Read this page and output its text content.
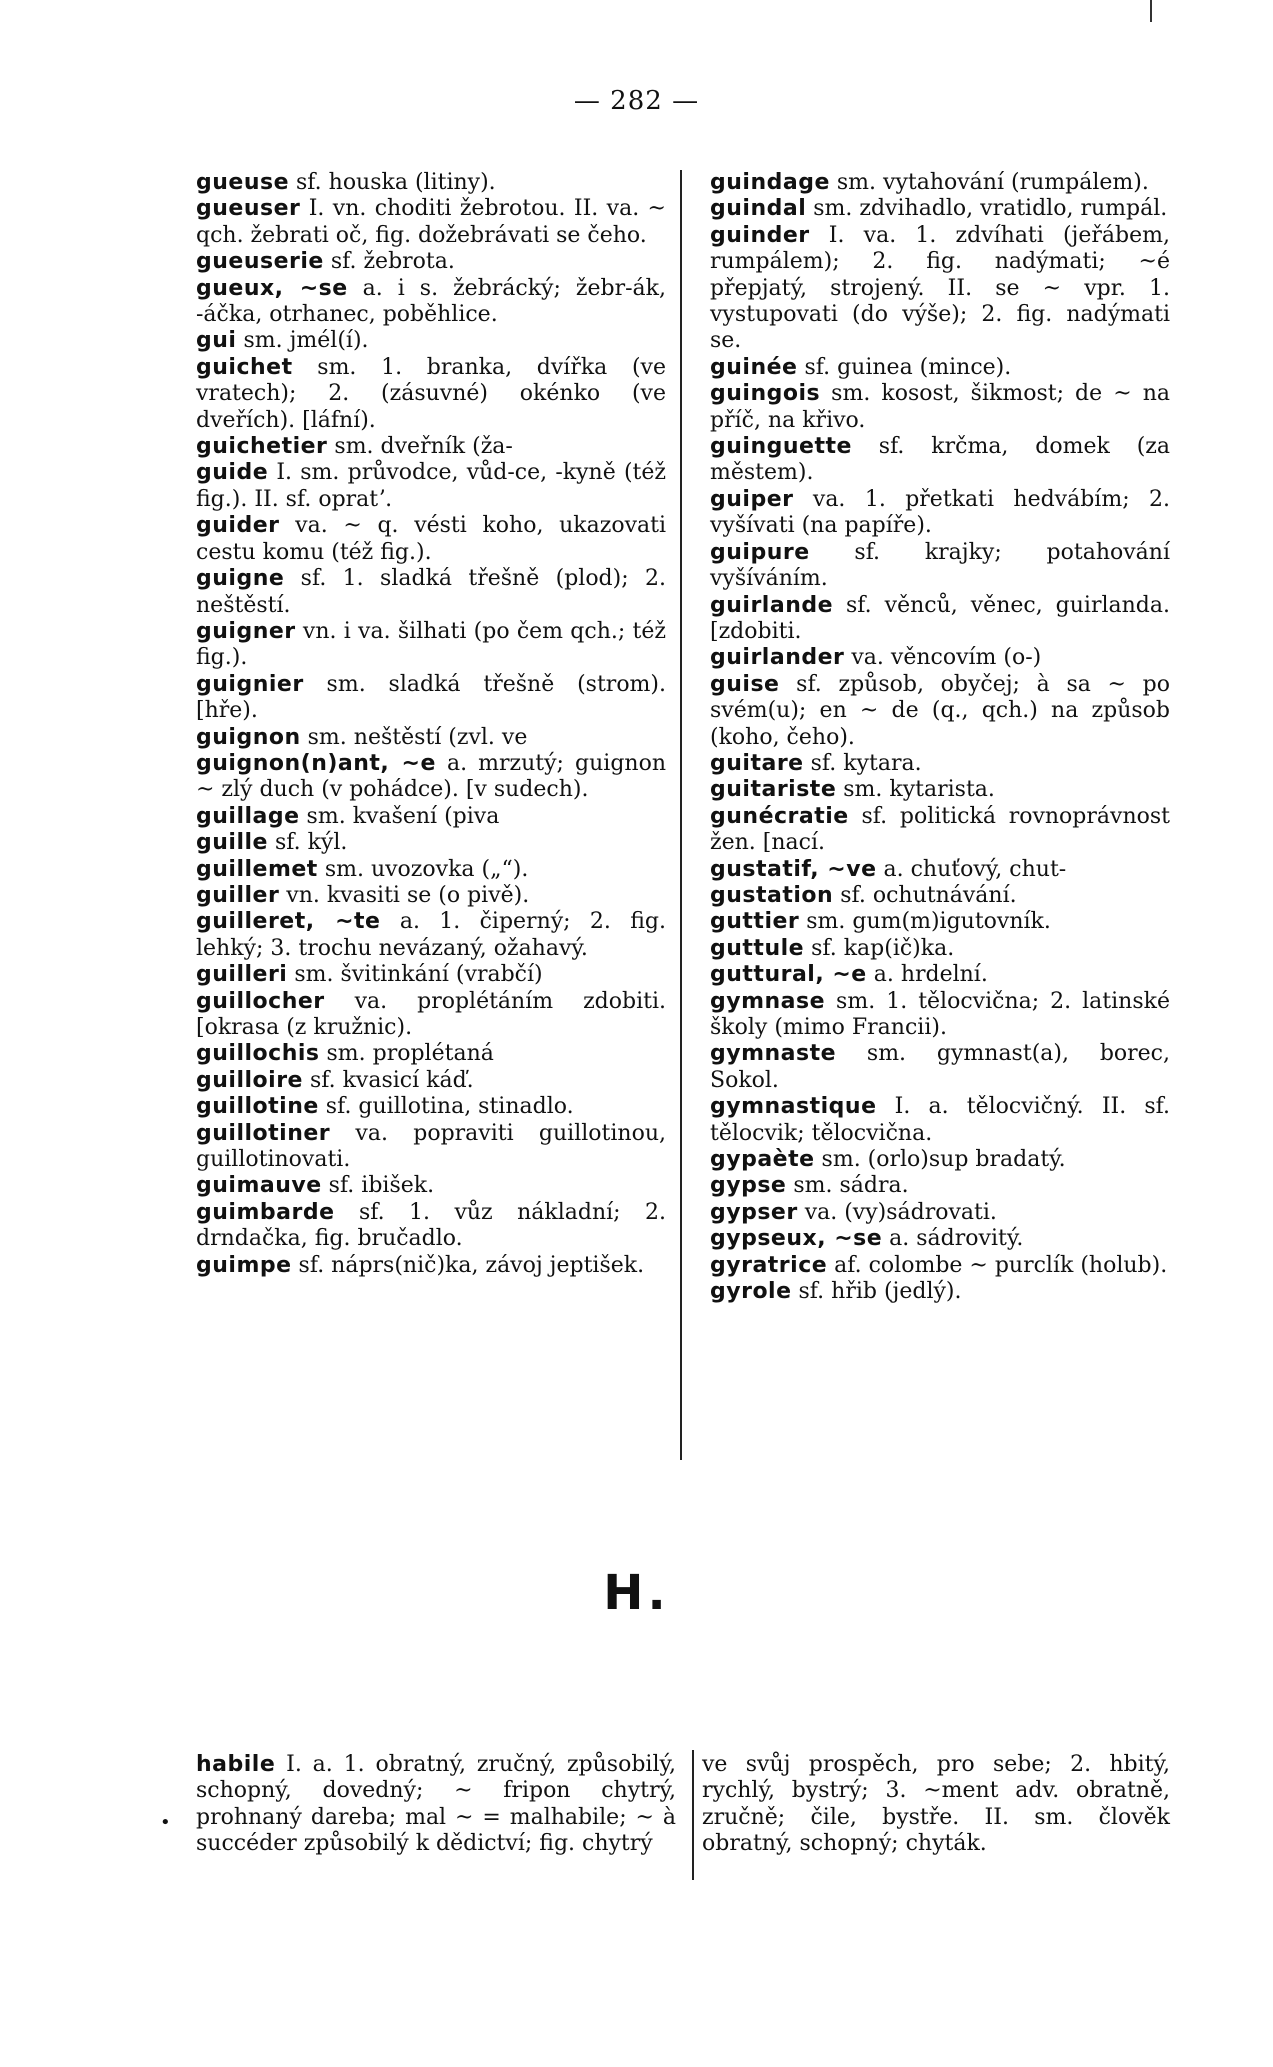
— 282 —

gueuse sf. houska (litiny).

gueuser I. vn. choditi žebrotou. II. va. ~ qch. žebrati oč, fig. dožebrávati se čeho.

gueuserie sf. žebrota.

gueux, ~se a. i s. žebrácký; žebr-ák, -áčka, otrhanec, poběhlice.

gui sm. jmél(í).

guichet sm. 1. branka, dvířka (ve vratech); 2. (zásuvné) okénko (ve dveřích). [láfní).

guichetier sm. dveřník (ža-

guide I. sm. průvodce, vůd-ce, -kyně (též fig.). II. sf. opratʼ.

guider va. ~ q. vésti koho, ukazovati cestu komu (též fig.).

guigne sf. 1. sladká třešně (plod); 2. neštěstí.

guigner vn. i va. šilhati (po čem qch.; též fig.).

guignier sm. sladká třešně (strom). [hře).

guignon sm. neštěstí (zvl. ve

guignon(n)ant, ~e a. mrzutý; guignon ~ zlý duch (v pohádce). [v sudech).

guillage sm. kvašení (piva

guille sf. kýl.

guillemet sm. uvozovka („“).

guiller vn. kvasiti se (o pivě).

guilleret, ~te a. 1. čiperný; 2. fig. lehký; 3. trochu nevázaný, ožahavý.

guilleri sm. švitinkání (vrabčí)

guillocher va. proplétáním zdobiti. [okrasa (z kružnic).

guillochis sm. proplétaná

guilloire sf. kvasicí káď.

guillotine sf. guillotina, stinadlo.

guillotiner va. popraviti guillotinou, guillotinovati.

guimauve sf. ibišek.

guimbarde sf. 1. vůz nákladní; 2. drndačka, fig. bručadlo.

guimpe sf. náprs(nič)ka, závoj jeptišek.

guindage sm. vytahování (rumpálem).

guindal sm. zdvihadlo, vratidlo, rumpál.

guinder I. va. 1. zdvíhati (jeřábem, rumpálem); 2. fig. nadýmati; ~é přepjatý, strojený. II. se ~ vpr. 1. vystupovati (do výše); 2. fig. nadýmati se.

guinée sf. guinea (mince).

guingois sm. kosost, šikmost; de ~ na příč, na křivo.

guinguette sf. krčma, domek (za městem).

guiper va. 1. přetkati hedvábím; 2. vyšívati (na papíře).

guipure sf. krajky; potahování vyšíváním.

guirlande sf. věnců, věnec, guirlanda. [zdobiti.

guirlander va. věncovím (o-)

guise sf. způsob, obyčej; à sa ~ po svém(u); en ~ de (q., qch.) na způsob (koho, čeho).

guitare sf. kytara.

guitariste sm. kytarista.

gunécratie sf. politická rovnoprávnost žen. [nací.

gustatif, ~ve a. chuťový, chut-

gustation sf. ochutnávání.

guttier sm. gum(m)igutovník.

guttule sf. kap(ič)ka.

guttural, ~e a. hrdelní.

gymnase sm. 1. tělocvična; 2. latinské školy (mimo Francii).

gymnaste sm. gymnast(a), borec, Sokol.

gymnastique I. a. tělocvičný. II. sf. tělocvik; tělocvična.

gypaète sm. (orlo)sup bradatý.

gypse sm. sádra.

gypser va. (vy)sádrovati.

gypseux, ~se a. sádrovitý.

gyratrice af. colombe ~ purclík (holub).

gyrole sf. hřib (jedlý).

H.
•

habile I. a. 1. obratný, zručný, způsobilý, schopný, dovedný; ~ fripon chytrý, prohnaný dareba; mal ~ = malhabile; ~ à succéder způsobilý k dědictví; fig. chytrý

ve svůj prospěch, pro sebe; 2. hbitý, rychlý, bystrý; 3. ~ment adv. obratně, zručně; čile, bystře. II. sm. člověk obratný, schopný; chyták.
